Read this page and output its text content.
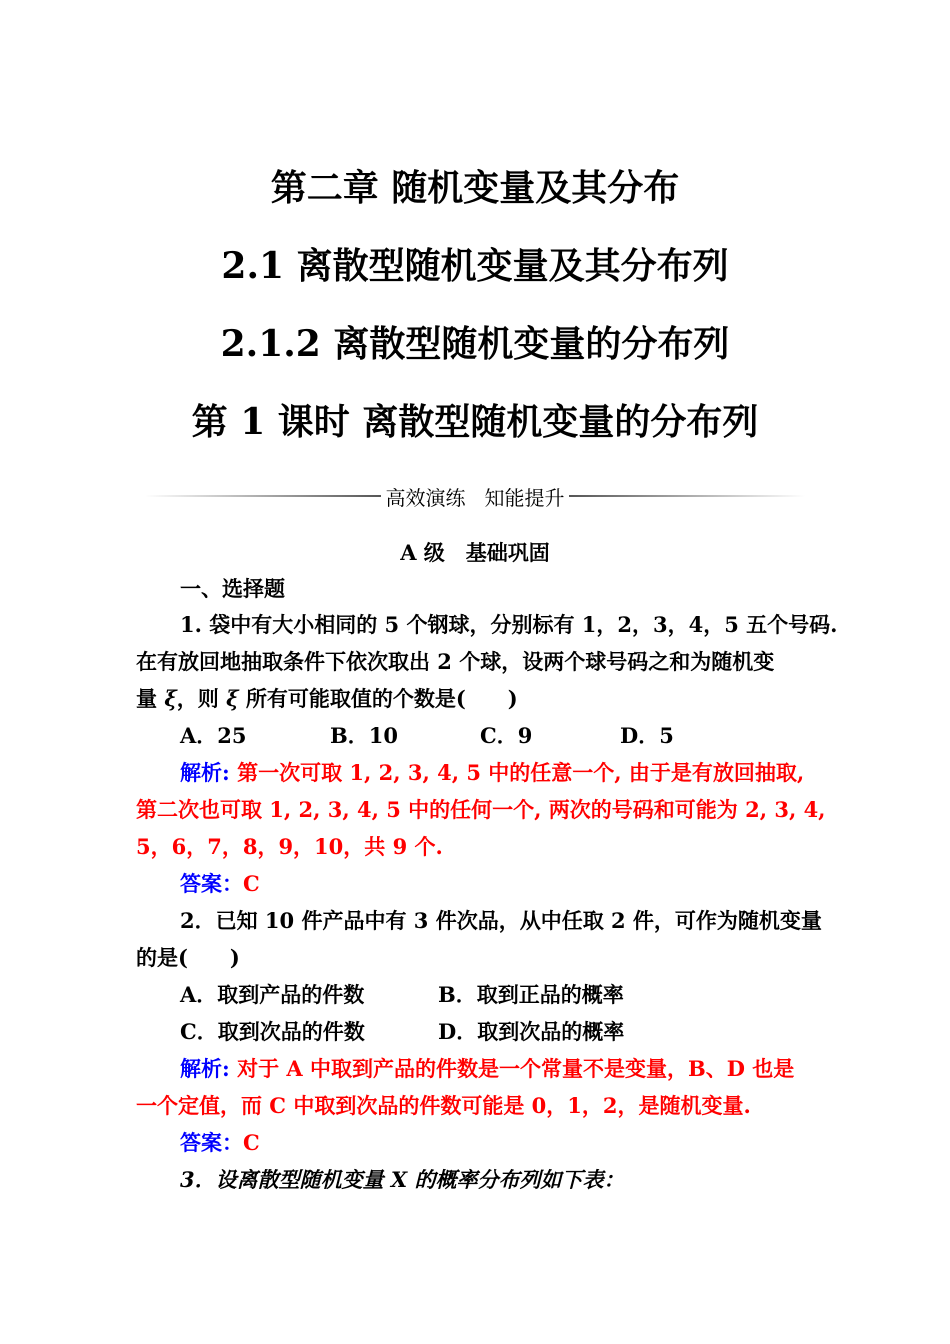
第二章 随机变量及其分布
2.1 离散型随机变量及其分布列
2.1.2 离散型随机变量的分布列
第 1 课时 离散型随机变量的分布列
高效演练   知能提升
A 级　基础巩固
一、选择题
1. 袋中有大小相同的 5 个钢球，分别标有 1，2，3，4，5 五个号码.
在有放回地抽取条件下依次取出 2 个球，设两个球号码之和为随机变
量 ξ，则 ξ 所有可能取值的个数是(　　)
A．25	B．10	C．9	D．5
解析: 第一次可取 1, 2, 3, 4, 5 中的任意一个, 由于是有放回抽取,
第二次也可取 1, 2, 3, 4, 5 中的任何一个, 两次的号码和可能为 2, 3, 4,
5，6，7，8，9，10，共 9 个.
答案：C
2．已知 10 件产品中有 3 件次品，从中任取 2 件，可作为随机变量
的是(　　)
A．取到产品的件数	B．取到正品的概率
C．取到次品的件数	D．取到次品的概率
解析: 对于 A 中取到产品的件数是一个常量不是变量，B、D 也是
一个定值，而 C 中取到次品的件数可能是 0，1，2，是随机变量.
答案：C
3．设离散型随机变量 X 的概率分布列如下表：
